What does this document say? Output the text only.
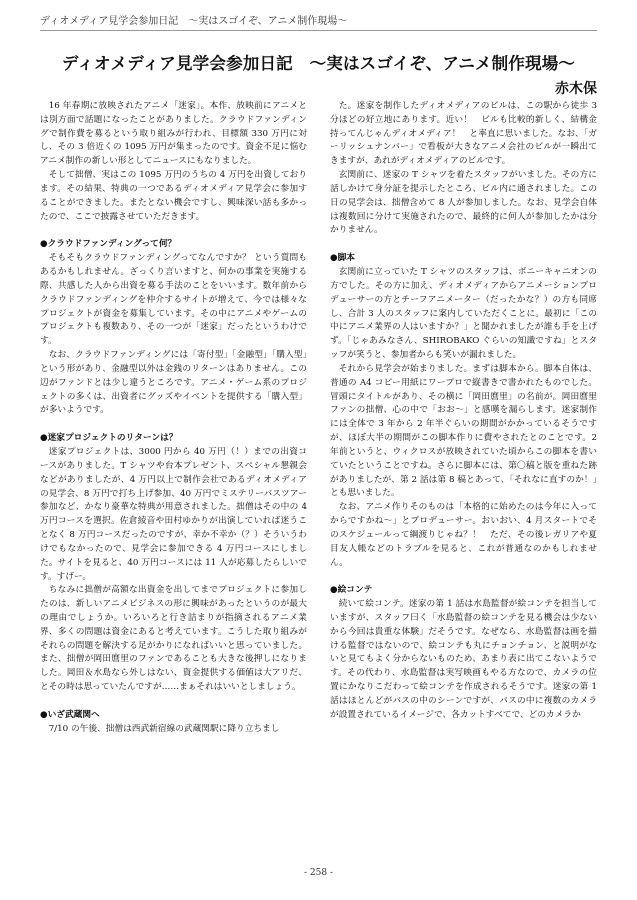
ディオメディア見学会参加日記　～実はスゴイぞ、アニメ制作現場～
ディオメディア見学会参加日記　～実はスゴイぞ、アニメ制作現場～
赤木保

16 年春期に放映されたアニメ「迷家」。本作、放映前にアニメとは別方面で話題になったことがありました。クラウドファンディングで制作費を募るという取り組みが行われ、目標額 330 万円に対し、その 3 倍近くの 1095 万円が集まったのです。資金不足に悩むアニメ制作の新しい形としてニュースにもなりました。

そして拙僧、実はこの 1095 万円のうちの 4 万円を出資しております。その結果、特典の一つであるディオメディア見学会に参加することができました。またとない機会ですし、興味深い話も多かったので、ここで披露させていただきます。

●クラウドファンディングって何？

そもそもクラウドファンディングってなんですか？ という質問もあるかもしれません。ざっくり言いますと、何かの事業を実施する際、共感した人から出資を募る手法のことをいいます。数年前からクラウドファンディングを仲介するサイトが増えて、今では様々なプロジェクトが資金を募集しています。その中にアニメやゲームのプロジェクトも複数あり、その一つが「迷家」だったというわけです。

なお、クラウドファンディングには「寄付型」「金融型」「購入型」という形があり、金融型以外は金銭のリターンはありません。この辺がファンドとは少し違うところです。アニメ・ゲーム系のプロジェクトの多くは、出資者にグッズやイベントを提供する「購入型」が多いようです。

●迷家プロジェクトのリターンは？

迷家プロジェクトは、3000 円から 40 万円（！）までの出資コースがありました。T シャツや台本プレゼント、スペシャル懇親会などがありましたが、4 万円以上で制作会社であるディオメディアの見学会、8 万円で打ち上げ参加、40 万円でミステリーバスツアー参加など、かなり豪華な特典が用意されました。拙僧はその中の 4 万円コースを選択。佐倉綾音や田村ゆかりが出演していれば迷うことなく 8 万円コースだったのですが、幸か不幸か（？）そういうわけでもなかったので、見学会に参加できる 4 万円コースにしました。サイトを見ると、40 万円コースには 11 人が応募したらしいです。すげー。

ちなみに拙僧が高額な出資金を出してまでプロジェクトに参加したのは、新しいアニメビジネスの形に興味があったというのが最大の理由でしょうか。いろいろと行き詰まりが指摘されるアニメ業界、多くの問題は資金にあると考えています。こうした取り組みがそれらの問題を解決する足がかりになればいいと思っていました。また、拙僧が岡田麿里のファンであることも大きな後押しになりました。岡田＆水島なら外しはない、資金提供する価値は大アリだ、とその時は思っていたんですが……まぁそれはいいとしましょう。

●いざ武蔵関へ

7/10 の午後、拙僧は西武新宿線の武蔵関駅に降り立ちまし

た。迷家を制作したディオメディアのビルは、この駅から徒歩 3 分ほどの好立地にあります。近い！　ビルも比較的新しく、結構金持ってんじゃんディオメディア！　と率直に思いました。なお、「ガーリッシュナンバー」で看板が大きなアニメ会社のビルが一瞬出てきますが、あれがディオメディアのビルです。

玄関前に、迷家の T シャツを着たスタッフがいました。その方に話しかけて身分証を提示したところ、ビル内に通されました。この日の見学会は、拙僧含めて 8 人が参加しました。なお、見学会自体は複数回に分けて実施されたので、最終的に何人が参加したかは分かりません。

●脚本

玄関前に立っていた T シャツのスタッフは、ボニーキャニオンの方でした。その方に加え、ディオメディアからアニメーションプロデューサーの方とチーフアニメーター（だったかな？）の方も同席し、合計 3 人のスタッフに案内していただくことに。最初に「この中にアニメ業界の人はいますか？」と聞かれましたが誰も手を上げず。「じゃあみなさん、SHIROBAKO ぐらいの知識ですね」とスタッフが笑うと、参加者からも笑いが漏れました。

それから見学会が始まりました。まずは脚本から。脚本自体は、普通の A4 コピー用紙にワープロで縦書きで書かれたものでした。冒頭にタイトルがあり、その横に「岡田麿里」の名前が。岡田麿里ファンの拙僧、心の中で「おお～」と感嘆を漏らします。迷家制作には全体で 3 年から 2 年半ぐらいの期間がかかっているそうですが、ほぼ大半の期間がこの脚本作りに費やされたとのことです。2 年前というと、ウィクロスが放映されていた頃からこの脚本を書いていたということですね。さらに脚本には、第〇稿と版を重ねた跡がありましたが、第 2 話は第 8 稿とあって、「それなに直すのか！」とも思いました。

なお、アニメ作りそのものは「本格的に始めたのは今年に入ってからですかね～」とプロデューサー。おいおい、4 月スタートでそのスケジュールって綱渡りじゃね？！　ただ、その後レガリアや夏目友人帳などのトラブルを見ると、これが普通なのかもしれません。

●絵コンテ

続いて絵コンテ。迷家の第 1 話は水島監督が絵コンテを担当していますが、スタッフ曰く「水島監督の絵コンテを見る機会は少ないから今回は貴重な体験」だそうです。なぜなら、水島監督は画を描ける監督ではないので、絵コンテも丸にチョンチョン、と説明がないと見てもよく分からないものため、あまり表に出てこないようです。その代わり、水島監督は実写映画もやる方なので、カメラの位置にかなりこだわって絵コンテを作成されるそうです。迷家の第 1 話はほとんどがバスの中のシーンですが、バスの中に複数のカメラが設置されているイメージで、各カットすべてで、どのカメラか

- 258 -
